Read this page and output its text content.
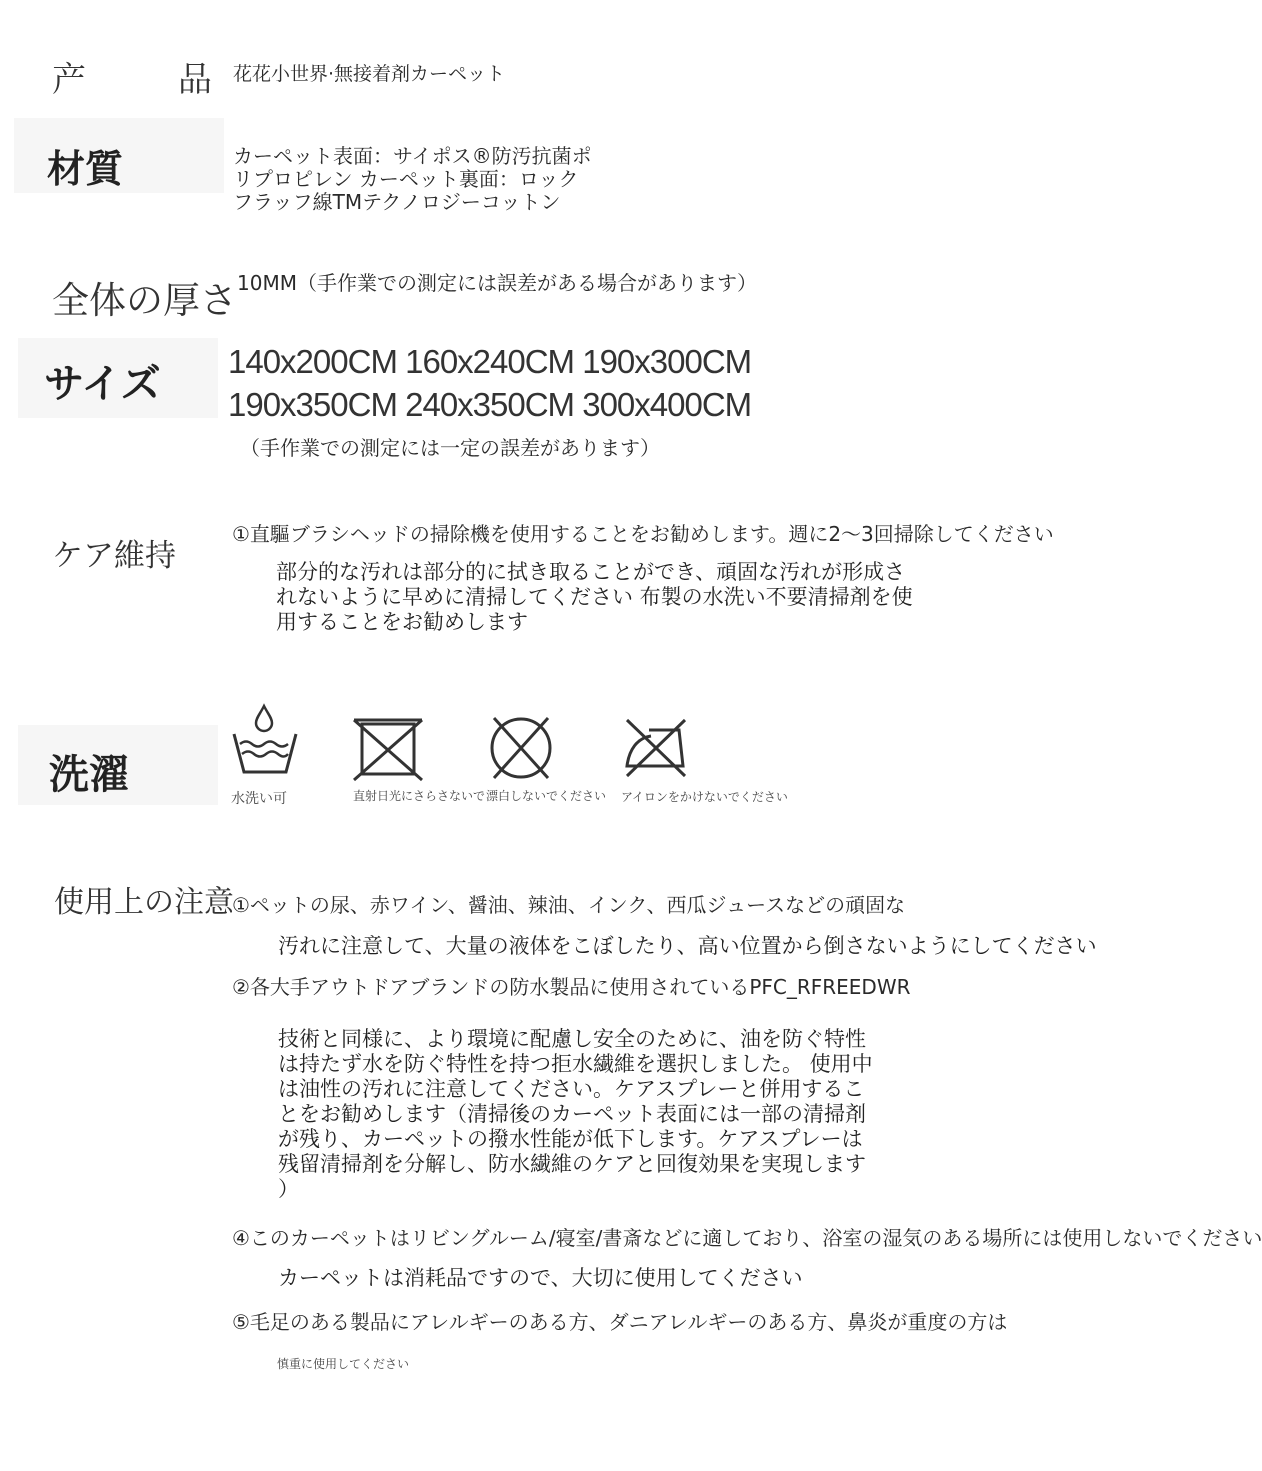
产　　品 花花小世界·無接着剤カーペット
材質	カーペット表面：サイポス®防汚抗菌ポ
リプロピレン カーペット裏面：ロック
フラッフ線TMテクノロジーコットン
全体の厚さ 10MM（手作業での測定には誤差がある場合があります）
サイズ 140x200CM 160x240CM 190x300CM
190x350CM 240x350CM 300x400CM
（手作業での測定には一定の誤差があります）
ケア維持
①直驅ブラシヘッドの掃除機を使用することをお勧めします。週に2〜3回掃除してください
部分的な汚れは部分的に拭き取ることができ、頑固な汚れが形成さ
れないように早めに清掃してください 布製の水洗い不要清掃剤を使
用することをお勧めします
洗濯
水洗い可	直射日光にさらさないで 漂白しないでください アイロンをかけないでください
使用上の注意
①ペットの尿、赤ワイン、醤油、辣油、インク、西瓜ジュースなどの頑固な
汚れに注意して、大量の液体をこぼしたり、高い位置から倒さないようにしてください
②各大手アウトドアブランドの防水製品に使用されているPFC_RFREEDWR
技術と同様に、より環境に配慮し安全のために、油を防ぐ特性
は持たず水を防ぐ特性を持つ拒水繊維を選択しました。 使用中
は油性の汚れに注意してください。ケアスプレーと併用するこ
とをお勧めします（清掃後のカーペット表面には一部の清掃剤
が残り、カーペットの撥水性能が低下します。ケアスプレーは
残留清掃剤を分解し、防水繊維のケアと回復効果を実現します
）
④このカーペットはリビングルーム/寝室/書斎などに適しており、浴室の湿気のある場所には使用しないでください
カーペットは消耗品ですので、大切に使用してください
⑤毛足のある製品にアレルギーのある方、ダニアレルギーのある方、鼻炎が重度の方は
慎重に使用してください
